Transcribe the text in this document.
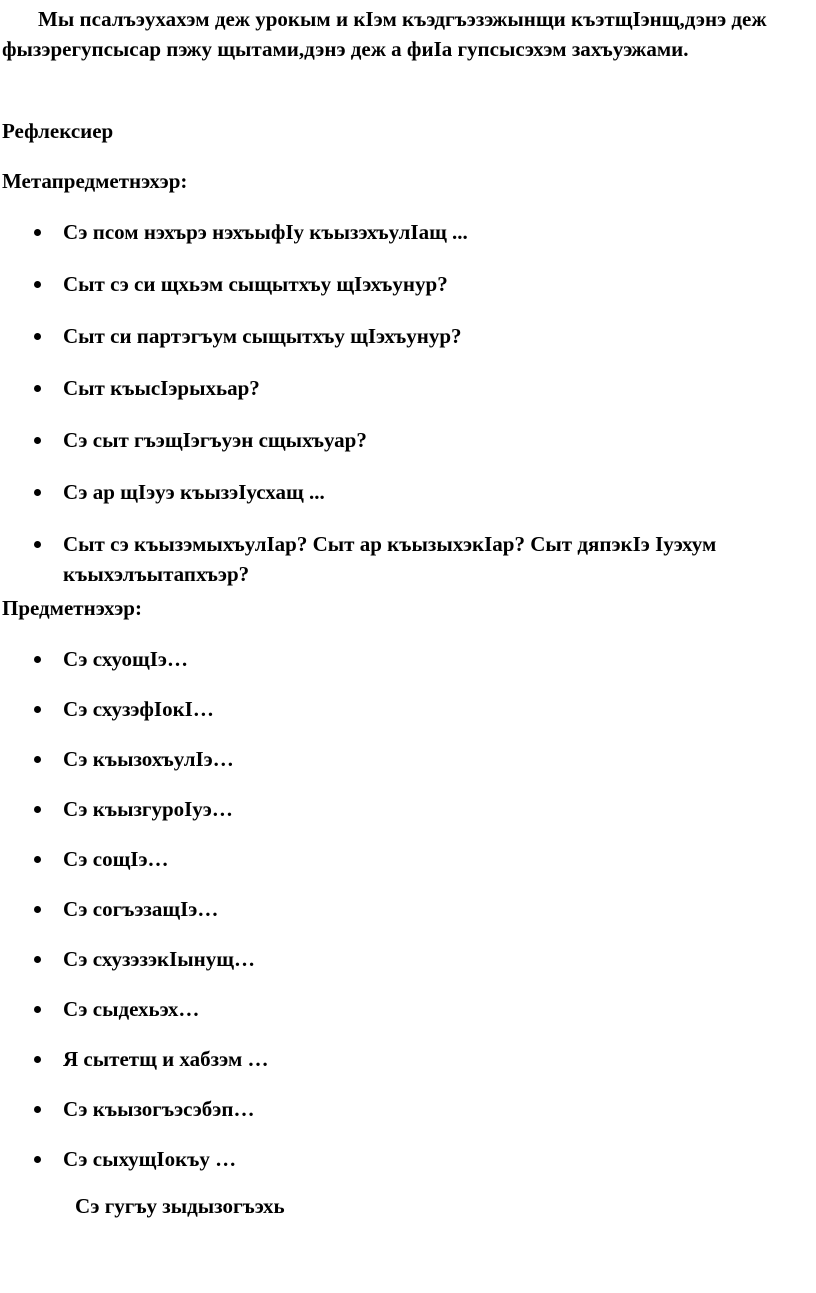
Мы псалъэухахэм деж урокым и кIэм къэдгъэзэжынщи къэтщIэнщ,дэнэ деж фызэрегупсысар пэжу щытами,дэнэ деж а фиIа гупсысэхэм захъуэжами.

Рефлексиер

Метапредметнэхэр:

Сэ псом нэхърэ нэхъыфIу къызэхъулIащ ...
Сыт сэ си щхьэм сыщытхъу щIэхъунур?
Сыт си партэгъум сыщытхъу щIэхъунур?
Сыт къысIэрыхьар?
Сэ сыт гъэщIэгъуэн сщыхъуар?
Сэ ар щIэуэ къызэIусхащ ...
Сыт сэ къызэмыхъулIар? Сыт ар къызыхэкIар? Сыт дяпэкIэ Iуэхум къыхэлъытапхъэр?

Предметнэхэр:

Сэ схуощIэ…
Сэ схузэфIокI…
Сэ къызохъулIэ…
Сэ къызгуроIуэ…
Сэ сощIэ…
Сэ согъэзащIэ…
Сэ схузэзэкIынущ…
Сэ сыдехьэх…
Я сытетщ и хабзэм …
Сэ къызогъэсэбэп…
Сэ сыхущIокъу …

Сэ гугъу зыдызогъэхь
